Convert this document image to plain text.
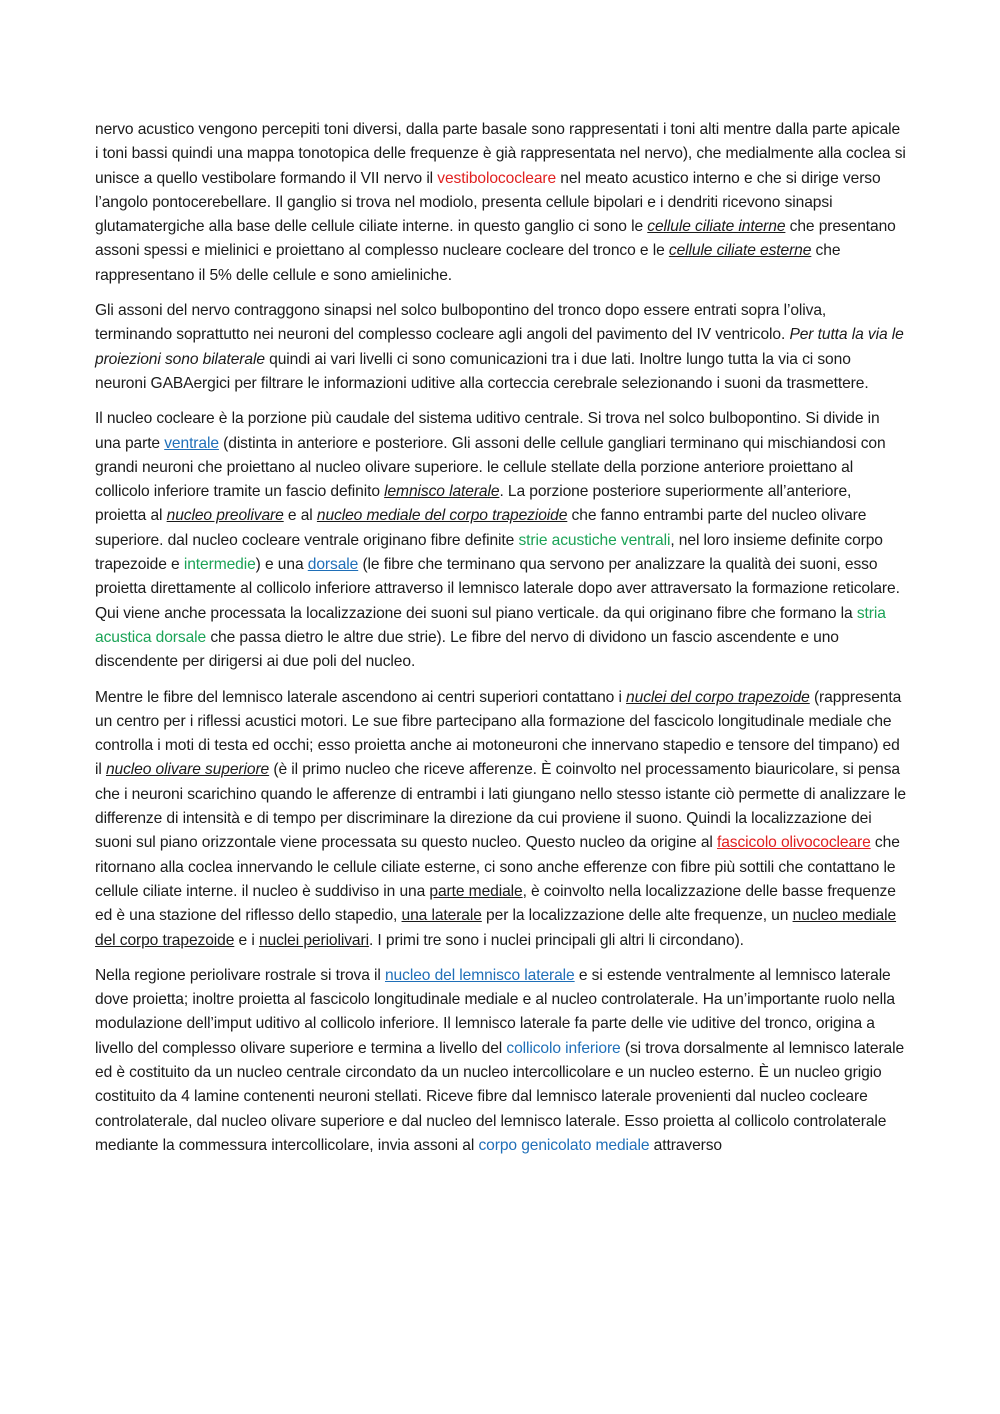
nervo acustico vengono percepiti toni diversi, dalla parte basale sono rappresentati i toni alti mentre dalla parte apicale i toni bassi quindi una mappa tonotopica delle frequenze è già rappresentata nel nervo), che medialmente alla coclea si unisce a quello vestibolare formando il VII nervo il vestibolococleare nel meato acustico interno e che si dirige verso l’angolo pontocerebellare. Il ganglio si trova nel modiolo, presenta cellule bipolari e i dendriti ricevono sinapsi glutamatergiche alla base delle cellule ciliate interne. in questo ganglio ci sono le cellule ciliate interne che presentano assoni spessi e mielinici e proiettano al complesso nucleare cocleare del tronco e le cellule ciliate esterne che rappresentano il 5% delle cellule e sono amieliniche.

Gli assoni del nervo contraggono sinapsi nel solco bulbopontino del tronco dopo essere entrati sopra l’oliva, terminando soprattutto nei neuroni del complesso cocleare agli angoli del pavimento del IV ventricolo. Per tutta la via le proiezioni sono bilaterale quindi ai vari livelli ci sono comunicazioni tra i due lati. Inoltre lungo tutta la via ci sono neuroni GABAergici per filtrare le informazioni uditive alla corteccia cerebrale selezionando i suoni da trasmettere.

Il nucleo cocleare è la porzione più caudale del sistema uditivo centrale. Si trova nel solco bulbopontino. Si divide in una parte ventrale (distinta in anteriore e posteriore. Gli assoni delle cellule gangliari terminano qui mischiandosi con grandi neuroni che proiettano al nucleo olivare superiore. le cellule stellate della porzione anteriore proiettano al collicolo inferiore tramite un fascio definito lemnisco laterale. La porzione posteriore superiormente all’anteriore, proietta al nucleo preolivare e al nucleo mediale del corpo trapezioide che fanno entrambi parte del nucleo olivare superiore. dal nucleo cocleare ventrale originano fibre definite strie acustiche ventrali, nel loro insieme definite corpo trapezoide e intermedie) e una dorsale (le fibre che terminano qua servono per analizzare la qualità dei suoni, esso proietta direttamente al collicolo inferiore attraverso il lemnisco laterale dopo aver attraversato la formazione reticolare. Qui viene anche processata la localizzazione dei suoni sul piano verticale. da qui originano fibre che formano la stria acustica dorsale che passa dietro le altre due strie). Le fibre del nervo di dividono un fascio ascendente e uno discendente per dirigersi ai due poli del nucleo.

Mentre le fibre del lemnisco laterale ascendono ai centri superiori contattano i nuclei del corpo trapezoide (rappresenta un centro per i riflessi acustici motori. Le sue fibre partecipano alla formazione del fascicolo longitudinale mediale che controlla i moti di testa ed occhi; esso proietta anche ai motoneuroni che innervano stapedio e tensore del timpano) ed il nucleo olivare superiore (è il primo nucleo che riceve afferenze. È coinvolto nel processamento biauricolare, si pensa che i neuroni scarichino quando le afferenze di entrambi i lati giungano nello stesso istante ciò permette di analizzare le differenze di intensità e di tempo per discriminare la direzione da cui proviene il suono. Quindi la localizzazione dei suoni sul piano orizzontale viene processata su questo nucleo. Questo nucleo da origine al fascicolo olivococleare che ritornano alla coclea innervando le cellule ciliate esterne, ci sono anche efferenze con fibre più sottili che contattano le cellule ciliate interne. il nucleo è suddiviso in una parte mediale, è coinvolto nella localizzazione delle basse frequenze ed è una stazione del riflesso dello stapedio, una laterale per la localizzazione delle alte frequenze, un nucleo mediale del corpo trapezoide e i nuclei periolivari. I primi tre sono i nuclei principali gli altri li circondano).

Nella regione periolivare rostrale si trova il nucleo del lemnisco laterale e si estende ventralmente al lemnisco laterale dove proietta; inoltre proietta al fascicolo longitudinale mediale e al nucleo controlaterale. Ha un’importante ruolo nella modulazione dell’imput uditivo al collicolo inferiore. Il lemnisco laterale fa parte delle vie uditive del tronco, origina a livello del complesso olivare superiore e termina a livello del collicolo inferiore (si trova dorsalmente al lemnisco laterale ed è costituito da un nucleo centrale circondato da un nucleo intercollicolare e un nucleo esterno. È un nucleo grigio costituito da 4 lamine contenenti neuroni stellati. Riceve fibre dal lemnisco laterale provenienti dal nucleo cocleare controlaterale, dal nucleo olivare superiore e dal nucleo del lemnisco laterale. Esso proietta al collicolo controlaterale mediante la commessura intercollicolare, invia assoni al corpo genicolato mediale attraverso
